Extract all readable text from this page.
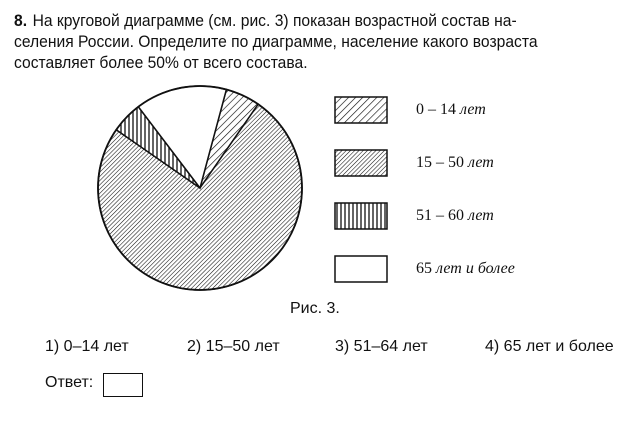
8. На круговой диаграмме (см. рис. 3) показан возрастной состав на-
селения России. Определите по диаграмме, население какого возраста
составляет более 50% от всего состава.
0 – 14 лет
15 – 50 лет
51 – 60 лет
65 лет и более
Рис. 3.
1) 0–14 лет	2) 15–50 лет	3) 51–64 лет	4) 65 лет и более
Ответ:
